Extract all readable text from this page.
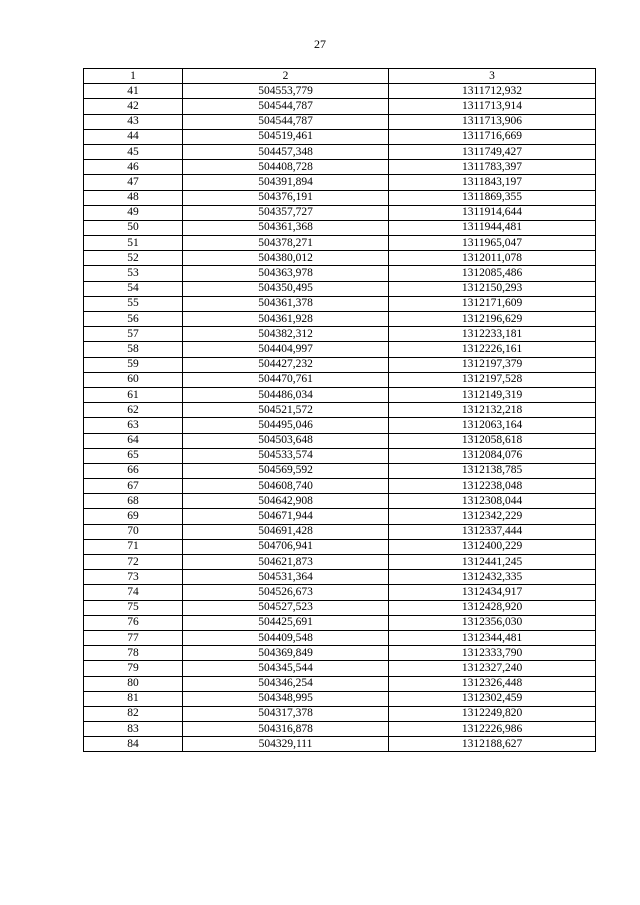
27
1	2	3
41	504553,779	1311712,932
42	504544,787	1311713,914
43	504544,787	1311713,906
44	504519,461	1311716,669
45	504457,348	1311749,427
46	504408,728	1311783,397
47	504391,894	1311843,197
48	504376,191	1311869,355
49	504357,727	1311914,644
50	504361,368	1311944,481
51	504378,271	1311965,047
52	504380,012	1312011,078
53	504363,978	1312085,486
54	504350,495	1312150,293
55	504361,378	1312171,609
56	504361,928	1312196,629
57	504382,312	1312233,181
58	504404,997	1312226,161
59	504427,232	1312197,379
60	504470,761	1312197,528
61	504486,034	1312149,319
62	504521,572	1312132,218
63	504495,046	1312063,164
64	504503,648	1312058,618
65	504533,574	1312084,076
66	504569,592	1312138,785
67	504608,740	1312238,048
68	504642,908	1312308,044
69	504671,944	1312342,229
70	504691,428	1312337,444
71	504706,941	1312400,229
72	504621,873	1312441,245
73	504531,364	1312432,335
74	504526,673	1312434,917
75	504527,523	1312428,920
76	504425,691	1312356,030
77	504409,548	1312344,481
78	504369,849	1312333,790
79	504345,544	1312327,240
80	504346,254	1312326,448
81	504348,995	1312302,459
82	504317,378	1312249,820
83	504316,878	1312226,986
84	504329,111	1312188,627
